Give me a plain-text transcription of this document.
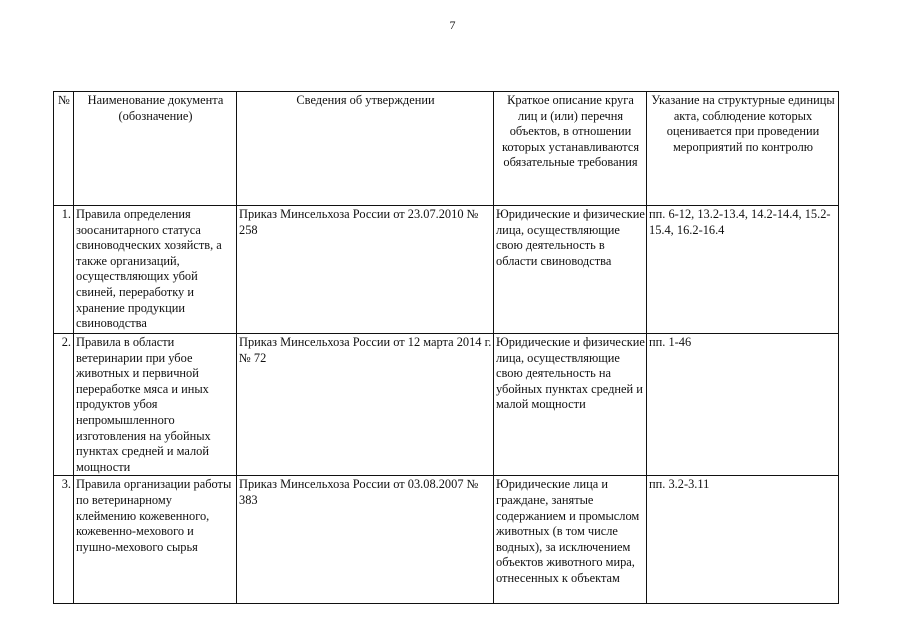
7
№	Наименование документа (обозначение)	Сведения об утверждении	Краткое описание круга лиц и (или) перечня объектов, в отношении которых устанавливаются обязательные требования	Указание на структурные единицы акта, соблюдение которых оценивается при проведении мероприятий по контролю
1.	Правила определения зоосанитарного статуса свиноводческих хозяйств, а также организаций, осуществляющих убой свиней, переработку и хранение продукции свиноводства	Приказ Минсельхоза России от 23.07.2010 № 258	Юридические и физические лица, осуществляющие свою деятельность в области свиноводства	пп. 6-12, 13.2-13.4, 14.2-14.4, 15.2-15.4, 16.2-16.4
2.	Правила в области ветеринарии при убое животных и первичной переработке мяса и иных продуктов убоя непромышленного изготовления на убойных пунктах средней и малой мощности	Приказ Минсельхоза России от 12 марта 2014 г. № 72	Юридические и физические лица, осуществляющие свою деятельность на убойных пунктах средней и малой мощности	пп. 1-46
3.	Правила организации работы по ветеринарному клеймению кожевенного, кожевенно-мехового и пушно-мехового сырья	Приказ Минсельхоза России от 03.08.2007 № 383	Юридические лица и граждане, занятые содержанием и промыслом животных (в том числе водных), за исключением объектов животного мира, отнесенных к объектам	пп. 3.2-3.11
